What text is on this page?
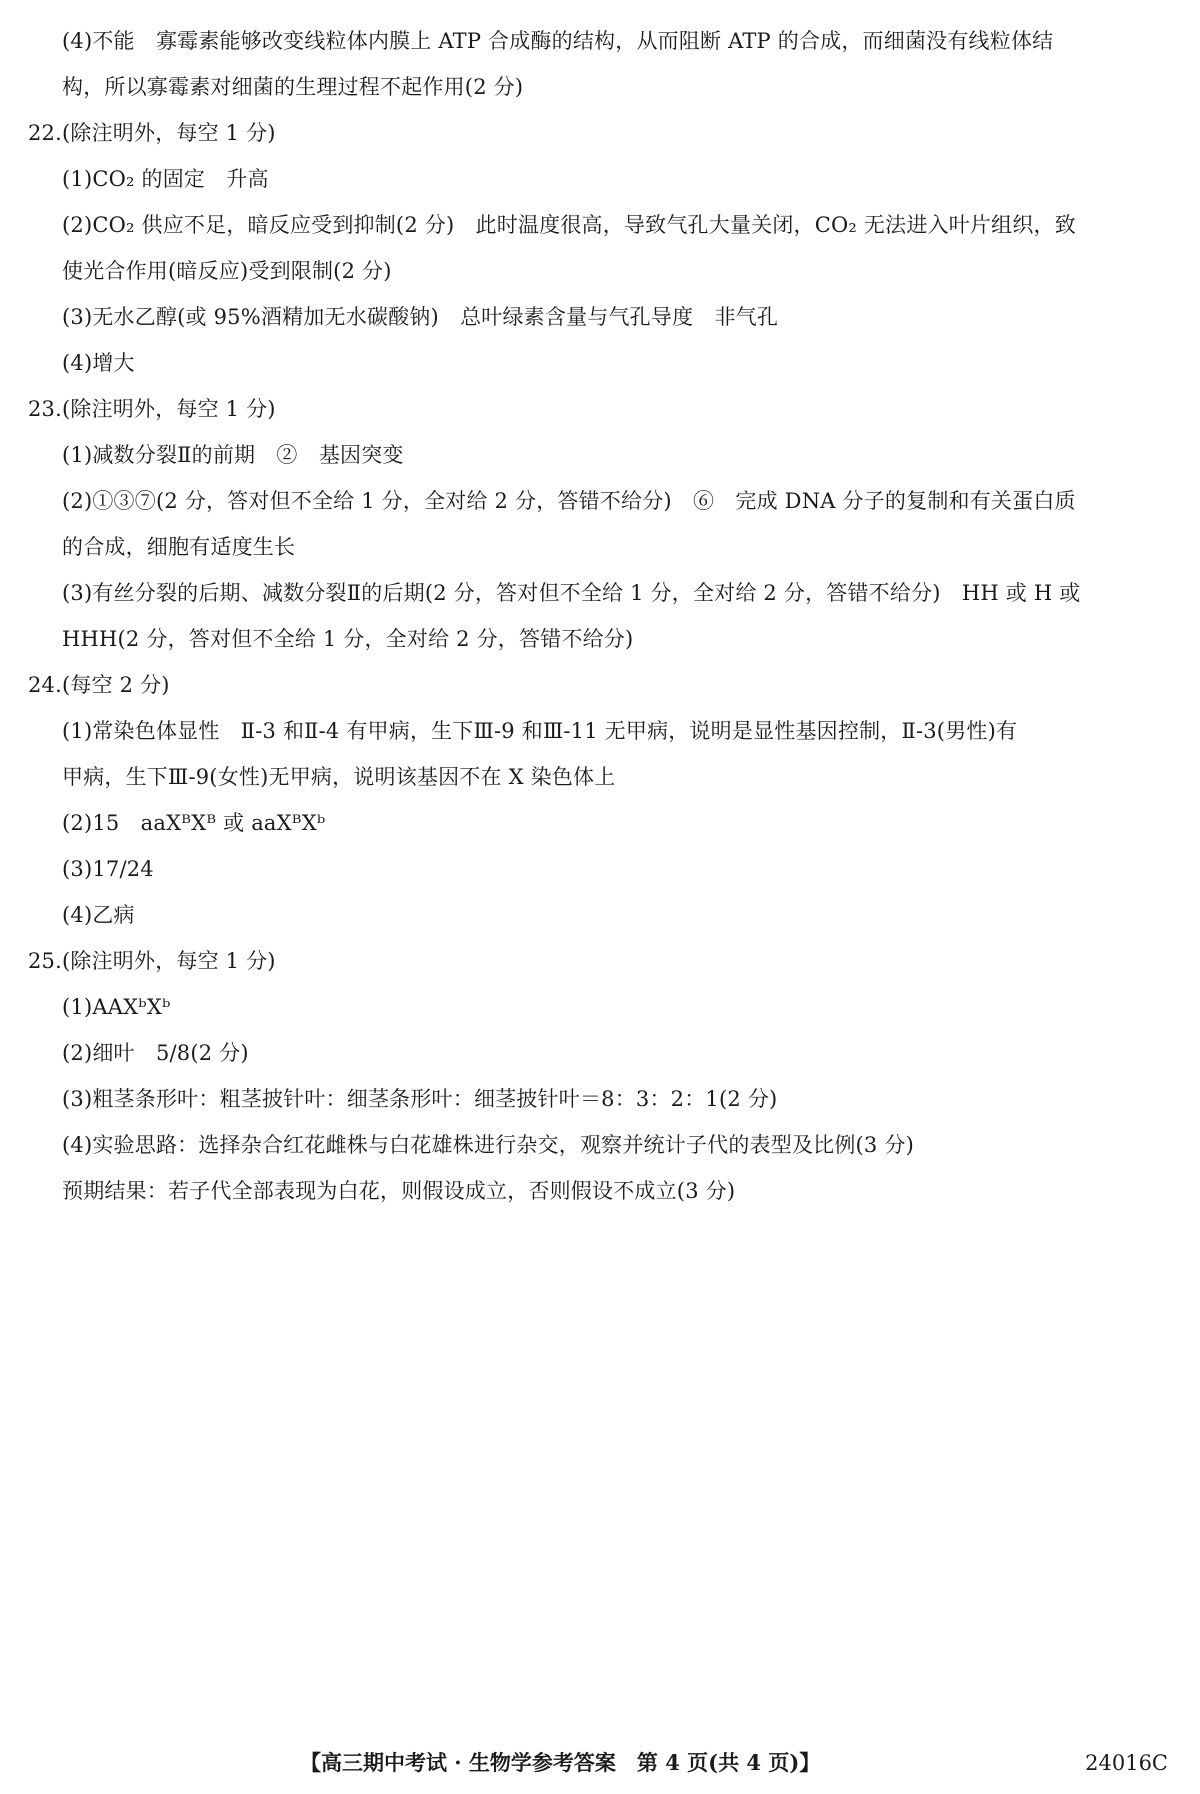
(4)不能　寡霉素能够改变线粒体内膜上 ATP 合成酶的结构，从而阻断 ATP 的合成，而细菌没有线粒体结
构，所以寡霉素对细菌的生理过程不起作用(2 分)
22.(除注明外，每空 1 分)
(1)CO₂ 的固定　升高
(2)CO₂ 供应不足，暗反应受到抑制(2 分)　此时温度很高，导致气孔大量关闭，CO₂ 无法进入叶片组织，致
使光合作用(暗反应)受到限制(2 分)
(3)无水乙醇(或 95%酒精加无水碳酸钠)　总叶绿素含量与气孔导度　非气孔
(4)增大
23.(除注明外，每空 1 分)
(1)减数分裂Ⅱ的前期　②　基因突变
(2)①③⑦(2 分，答对但不全给 1 分，全对给 2 分，答错不给分)　⑥　完成 DNA 分子的复制和有关蛋白质
的合成，细胞有适度生长
(3)有丝分裂的后期、减数分裂Ⅱ的后期(2 分，答对但不全给 1 分，全对给 2 分，答错不给分)　HH 或 H 或
HHH(2 分，答对但不全给 1 分，全对给 2 分，答错不给分)
24.(每空 2 分)
(1)常染色体显性　Ⅱ-3 和Ⅱ-4 有甲病，生下Ⅲ-9 和Ⅲ-11 无甲病，说明是显性基因控制，Ⅱ-3(男性)有
甲病，生下Ⅲ-9(女性)无甲病，说明该基因不在 X 染色体上
(2)15　aaXᴮXᴮ 或 aaXᴮXᵇ
(3)17/24
(4)乙病
25.(除注明外，每空 1 分)
(1)AAXᵇXᵇ
(2)细叶　5/8(2 分)
(3)粗茎条形叶：粗茎披针叶：细茎条形叶：细茎披针叶＝8：3：2：1(2 分)
(4)实验思路：选择杂合红花雌株与白花雄株进行杂交，观察并统计子代的表型及比例(3 分)
预期结果：若子代全部表现为白花，则假设成立，否则假设不成立(3 分)
【高三期中考试 · 生物学参考答案　第 4 页(共 4 页)】	24016C
